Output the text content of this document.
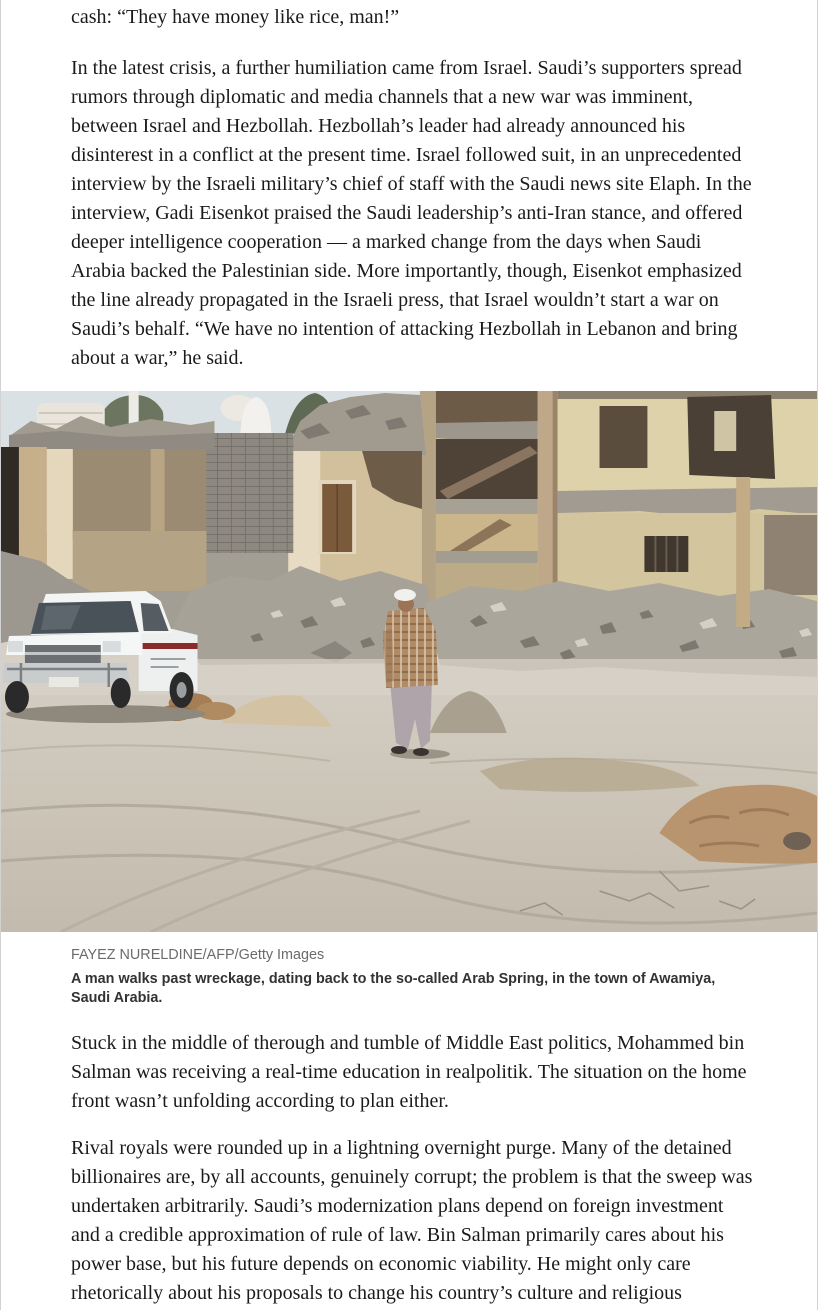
cash: “They have money like rice, man!”

In the latest crisis, a further humiliation came from Israel. Saudi’s supporters spread
rumors through diplomatic and media channels that a new war was imminent,
between Israel and Hezbollah. Hezbollah’s leader had already announced his
disinterest in a conflict at the present time. Israel followed suit, in an unprecedented
interview by the Israeli military’s chief of staff with the Saudi news site Elaph. In the
interview, Gadi Eisenkot praised the Saudi leadership’s anti-Iran stance, and offered
deeper intelligence cooperation — a marked change from the days when Saudi
Arabia backed the Palestinian side. More importantly, though, Eisenkot emphasized
the line already propagated in the Israeli press, that Israel wouldn’t start a war on
Saudi’s behalf. “We have no intention of attacking Hezbollah in Lebanon and bring
about a war,” he said.

FAYEZ NURELDINE/AFP/Getty Images

A man walks past wreckage, dating back to the so-called Arab Spring, in the town of Awamiya,
Saudi Arabia.

Stuck in the middle of therough and tumble of Middle East politics, Mohammed bin
Salman was receiving a real-time education in realpolitik. The situation on the home
front wasn’t unfolding according to plan either.

Rival royals were rounded up in a lightning overnight purge. Many of the detained
billionaires are, by all accounts, genuinely corrupt; the problem is that the sweep was
undertaken arbitrarily. Saudi’s modernization plans depend on foreign investment
and a credible approximation of rule of law. Bin Salman primarily cares about his
power base, but his future depends on economic viability. He might only care
rhetorically about his proposals to change his country’s culture and religious
